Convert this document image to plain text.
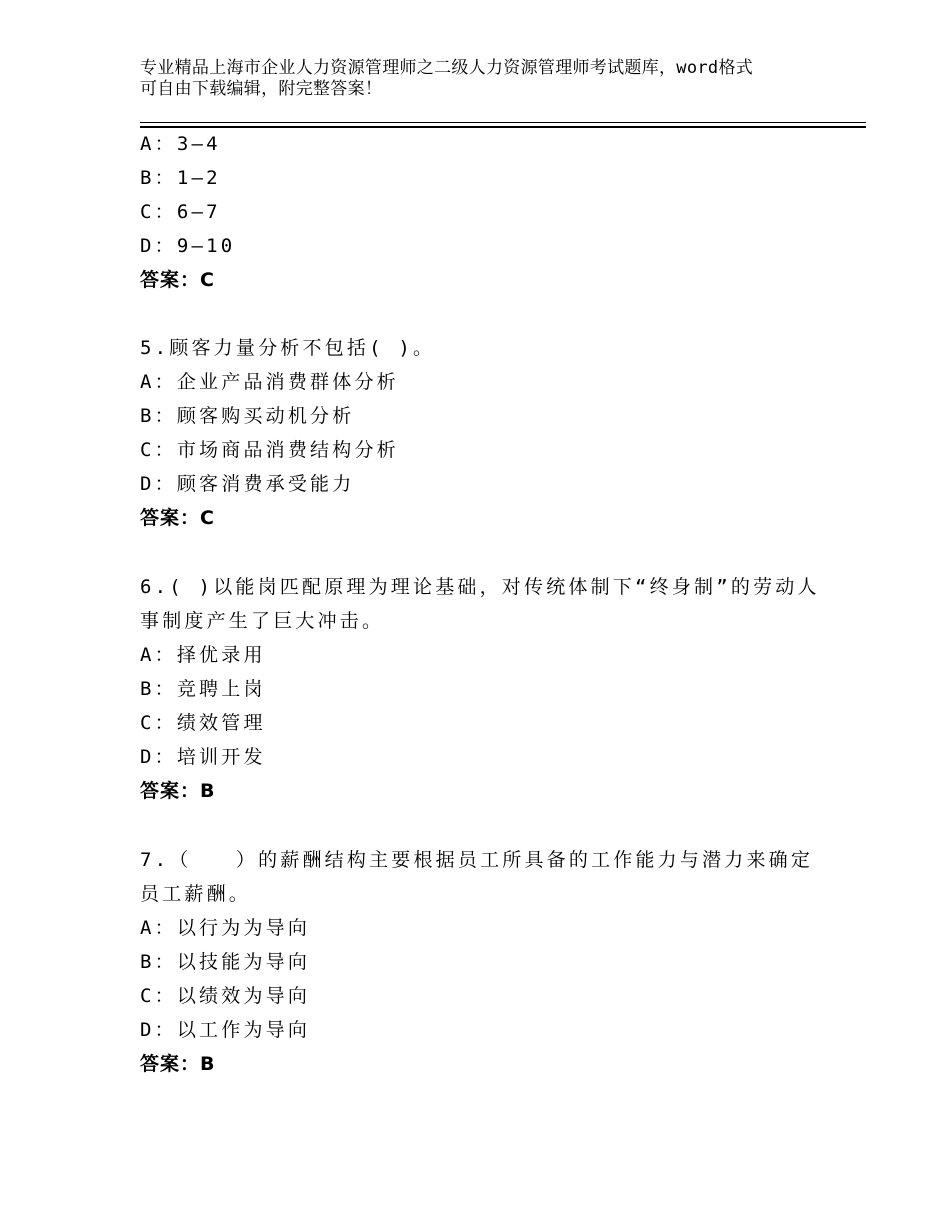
专业精品上海市企业人力资源管理师之二级人力资源管理师考试题库，word格式
可自由下载编辑，附完整答案！
A：3—4
B：1—2
C：6—7
D：9—10
答案：C
5.顾客力量分析不包括( )。
A：企业产品消费群体分析
B：顾客购买动机分析
C：市场商品消费结构分析
D：顾客消费承受能力
答案：C
6.( )以能岗匹配原理为理论基础，对传统体制下“终身制”的劳动人
事制度产生了巨大冲击。
A：择优录用
B：竞聘上岗
C：绩效管理
D：培训开发
答案：B
7.（　　）的薪酬结构主要根据员工所具备的工作能力与潜力来确定
员工薪酬。
A：以行为为导向
B：以技能为导向
C：以绩效为导向
D：以工作为导向
答案：B
